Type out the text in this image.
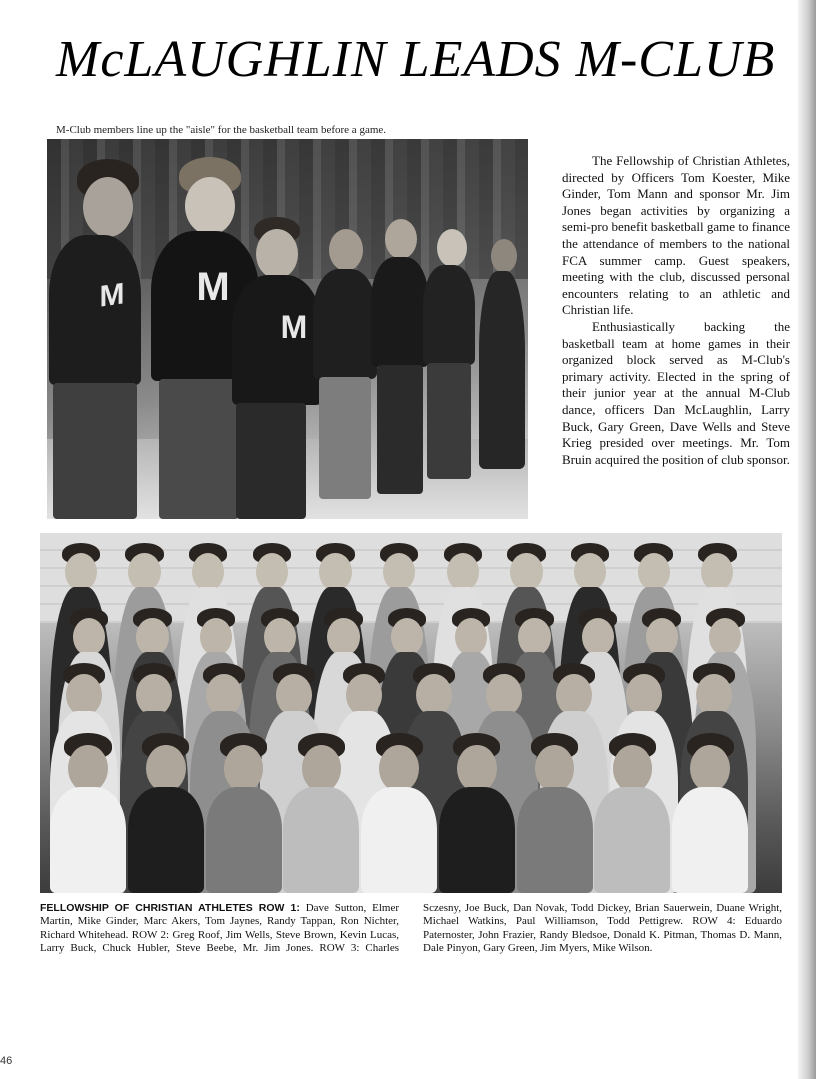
McLAUGHLIN LEADS M-CLUB
M-Club members line up the "aisle" for the basketball team before a game.
M M
M

The Fellowship of Christian Athletes, directed by Officers Tom Koester, Mike Ginder, Tom Mann and sponsor Mr. Jim Jones began activities by organizing a semi-pro benefit basketball game to finance the attendance of members to the national FCA summer camp. Guest speakers, meeting with the club, discussed personal encounters relating to an athletic and Christian life.

Enthusiastically backing the basketball team at home games in their organized block served as M-Club's primary activity. Elected in the spring of their junior year at the annual M-Club dance, officers Dan McLaughlin, Larry Buck, Gary Green, Dave Wells and Steve Krieg presided over meetings. Mr. Tom Bruin acquired the position of club sponsor.

FELLOWSHIP OF CHRISTIAN ATHLETES ROW 1: Dave Sutton, Elmer Martin, Mike Ginder, Marc Akers, Tom Jaynes, Randy Tappan, Ron Nichter, Richard Whitehead. ROW 2: Greg Roof, Jim Wells, Steve Brown, Kevin Lucas, Larry Buck, Chuck Hubler, Steve Beebe, Mr. Jim Jones. ROW 3: Charles Sczesny, Joe Buck, Dan Novak, Todd Dickey, Brian Sauerwein, Duane Wright, Michael Watkins, Paul Williamson, Todd Pettigrew. ROW 4: Eduardo Paternoster, John Frazier, Randy Bledsoe, Donald K. Pitman, Thomas D. Mann, Dale Pinyon, Gary Green, Jim Myers, Mike Wilson.
46
